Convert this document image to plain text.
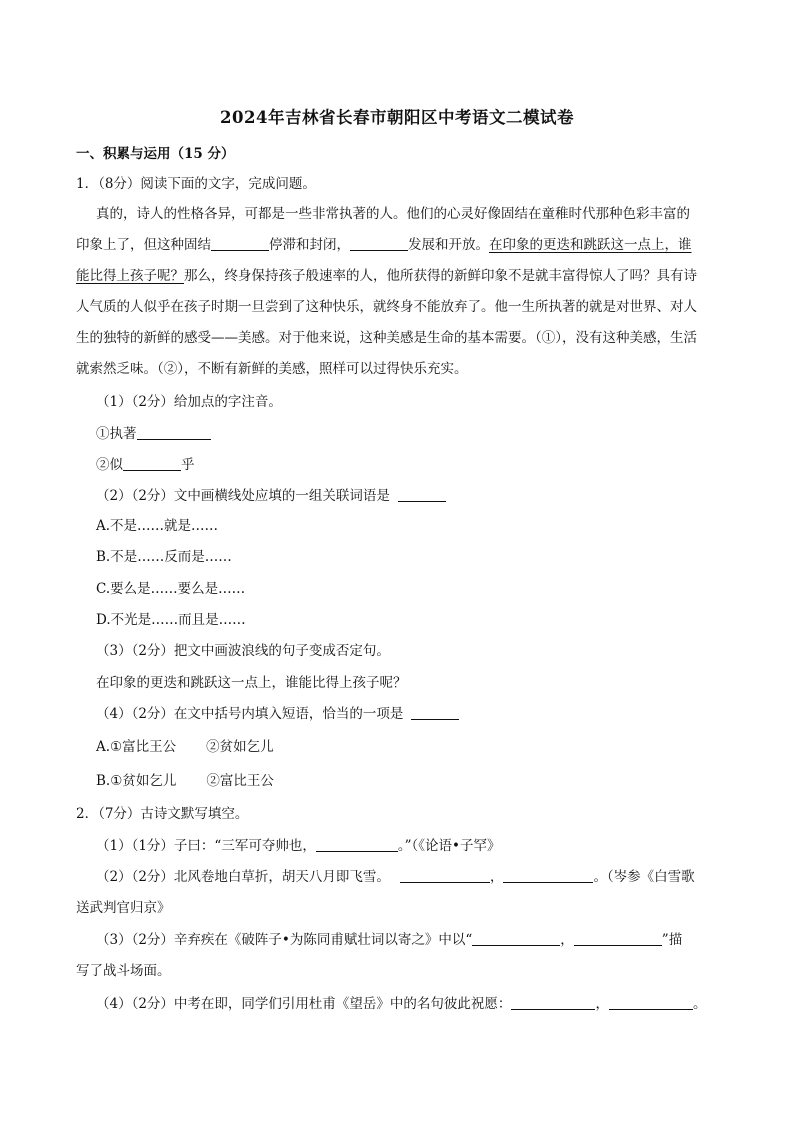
2024年吉林省长春市朝阳区中考语文二模试卷
一、积累与运用（15 分）
1．（8分）阅读下面的文字，完成问题。
真的，诗人的性格各异，可都是一些非常执著的人。他们的心灵好像固结在童稚时代那种色彩丰富的
印象上了，但这种固结	停滞和封闭，	发展和开放。在印象的更迭和跳跃这一点上，谁
能比得上孩子呢？那么，终身保持孩子般速率的人，他所获得的新鲜印象不是就丰富得惊人了吗？具有诗
人气质的人似乎在孩子时期一旦尝到了这种快乐，就终身不能放弃了。他一生所执著的就是对世界、对人
生的独特的新鲜的感受——美感。对于他来说，这种美感是生命的基本需要。（①），没有这种美感，生活
就索然乏味。（②），不断有新鲜的美感，照样可以过得快乐充实。
（1）（2分）给加点的字注音。
①执著
②似	乎
（2）（2分）文中画横线处应填的一组关联词语是
A.不是……就是……
B.不是……反而是……
C.要么是……要么是……
D.不光是……而且是……
（3）（2分）把文中画波浪线的句子变成否定句。
在印象的更迭和跳跃这一点上，谁能比得上孩子呢？
（4）（2分）在文中括号内填入短语，恰当的一项是
A.①富比王公 ②贫如乞儿
B.①贫如乞儿 ②富比王公
2．（7分）古诗文默写填空。
（1）（1分）子曰：“三军可夺帅也，	。”（《论语•子罕》
（2）（2分）北风卷地白草折，胡天八月即飞雪。	，	。（岑参《白雪歌
送武判官归京》
（3）（2分）辛弃疾在《破阵子•为陈同甫赋壮词以寄之》中以“	，	”描
写了战斗场面。
（4）（2分）中考在即，同学们引用杜甫《望岳》中的名句彼此祝愿：	，	。
